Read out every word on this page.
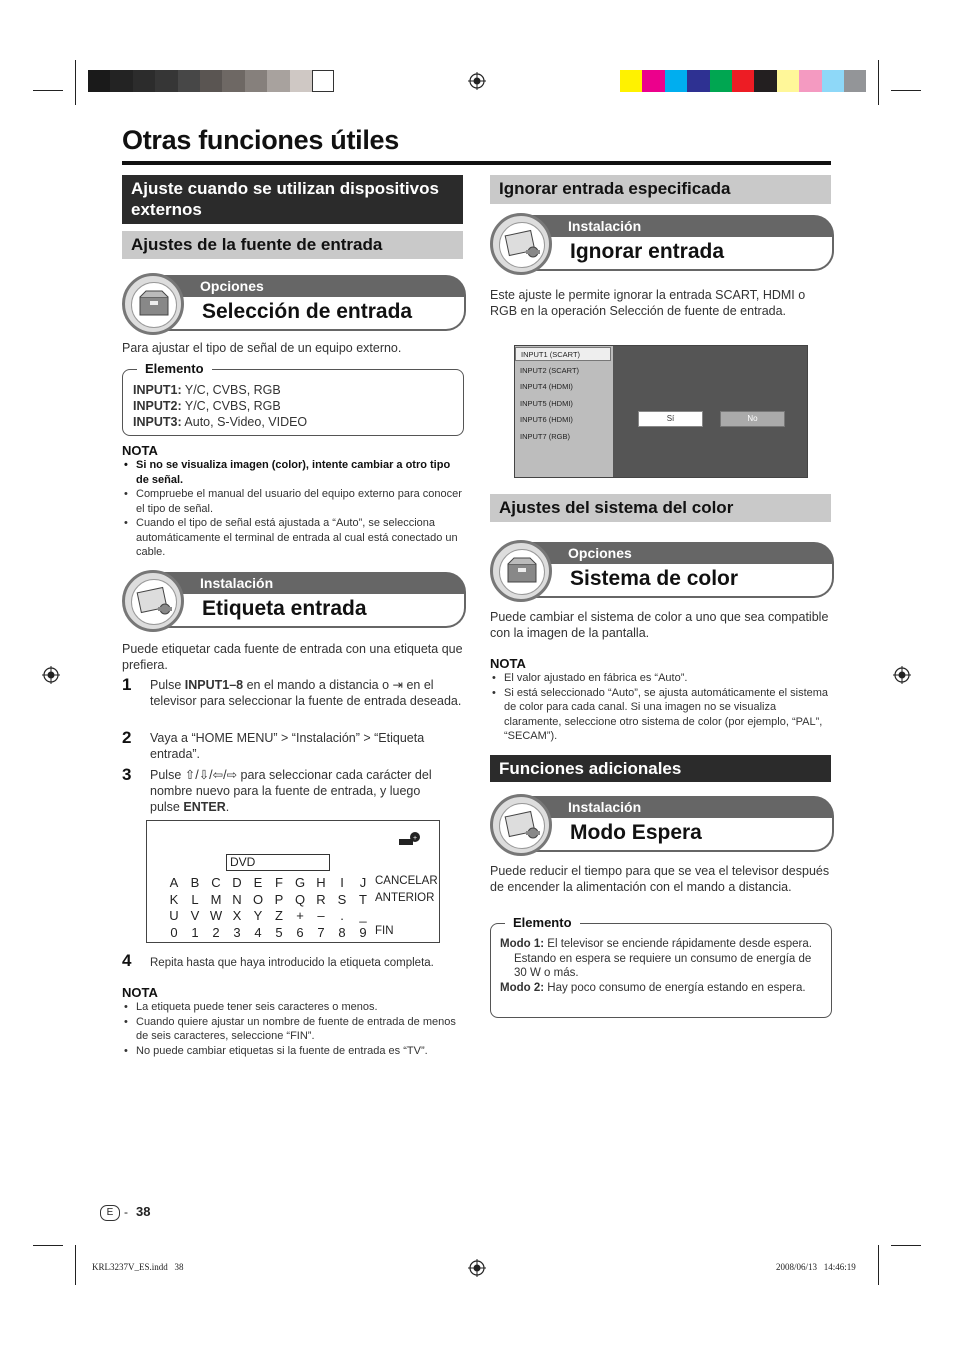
Otras funciones útiles
Ajuste cuando se utilizan dispositivos externos
Ajustes de la fuente de entrada
Opciones
Selección de entrada
Para ajustar el tipo de señal de un equipo externo.
Elemento
INPUT1: Y/C, CVBS, RGB
INPUT2: Y/C, CVBS, RGB
INPUT3: Auto, S-Video, VIDEO
NOTA
• Si no se visualiza imagen (color), intente cambiar a otro tipo de señal.
• Compruebe el manual del usuario del equipo externo para conocer el tipo de señal.
• Cuando el tipo de señal está ajustada a “Auto”, se selecciona automáticamente el terminal de entrada al cual está conectado un cable.
Instalación
Etiqueta entrada
Puede etiquetar cada fuente de entrada con una etiqueta que prefiera.
1 Pulse INPUT1–8 en el mando a distancia o ⇥ en el televisor para seleccionar la fuente de entrada deseada.
2 Vaya a “HOME MENU” > “Instalación” > “Etiqueta entrada”.
3 Pulse ⇧/⇩/⇦/⇨ para seleccionar cada carácter del nombre nuevo para la fuente de entrada, y luego pulse ENTER.
+
DVD
A B C D E F G H	I	J CANCELAR
K L M N O P Q R S T ANTERIOR
U V W X Y Z + –	.	_
0 1 2 3 4 5 6 7 8 9 FIN
4 Repita hasta que haya introducido la etiqueta completa.
NOTA
• La etiqueta puede tener seis caracteres o menos.
• Cuando quiere ajustar un nombre de fuente de entrada de menos de seis caracteres, seleccione “FIN”.
• No puede cambiar etiquetas si la fuente de entrada es “TV”.
Ignorar entrada especificada
Instalación
Ignorar entrada
Este ajuste le permite ignorar la entrada SCART, HDMI o RGB en la operación Selección de fuente de entrada.
INPUT1 (SCART)
INPUT2 (SCART)
INPUT4 (HDMI)
INPUT5 (HDMI)
INPUT6 (HDMI)
INPUT7 (RGB)
Sí	No
Ajustes del sistema del color
Opciones
Sistema de color
Puede cambiar el sistema de color a uno que sea compatible con la imagen de la pantalla.
NOTA
• El valor ajustado en fábrica es “Auto”.
• Si está seleccionado “Auto”, se ajusta automáticamente el sistema de color para cada canal. Si una imagen no se visualiza claramente, seleccione otro sistema de color (por ejemplo, “PAL”, “SECAM”).
Funciones adicionales
Instalación
Modo Espera
Puede reducir el tiempo para que se vea el televisor después de encender la alimentación con el mando a distancia.
Elemento
Modo 1: El televisor se enciende rápidamente desde espera. Estando en espera se requiere un consumo de energía de 30 W o más.
Modo 2: Hay poco consumo de energía estando en espera.
E - 38
KRL3237V_ES.indd   38	2008/06/13   14:46:19
